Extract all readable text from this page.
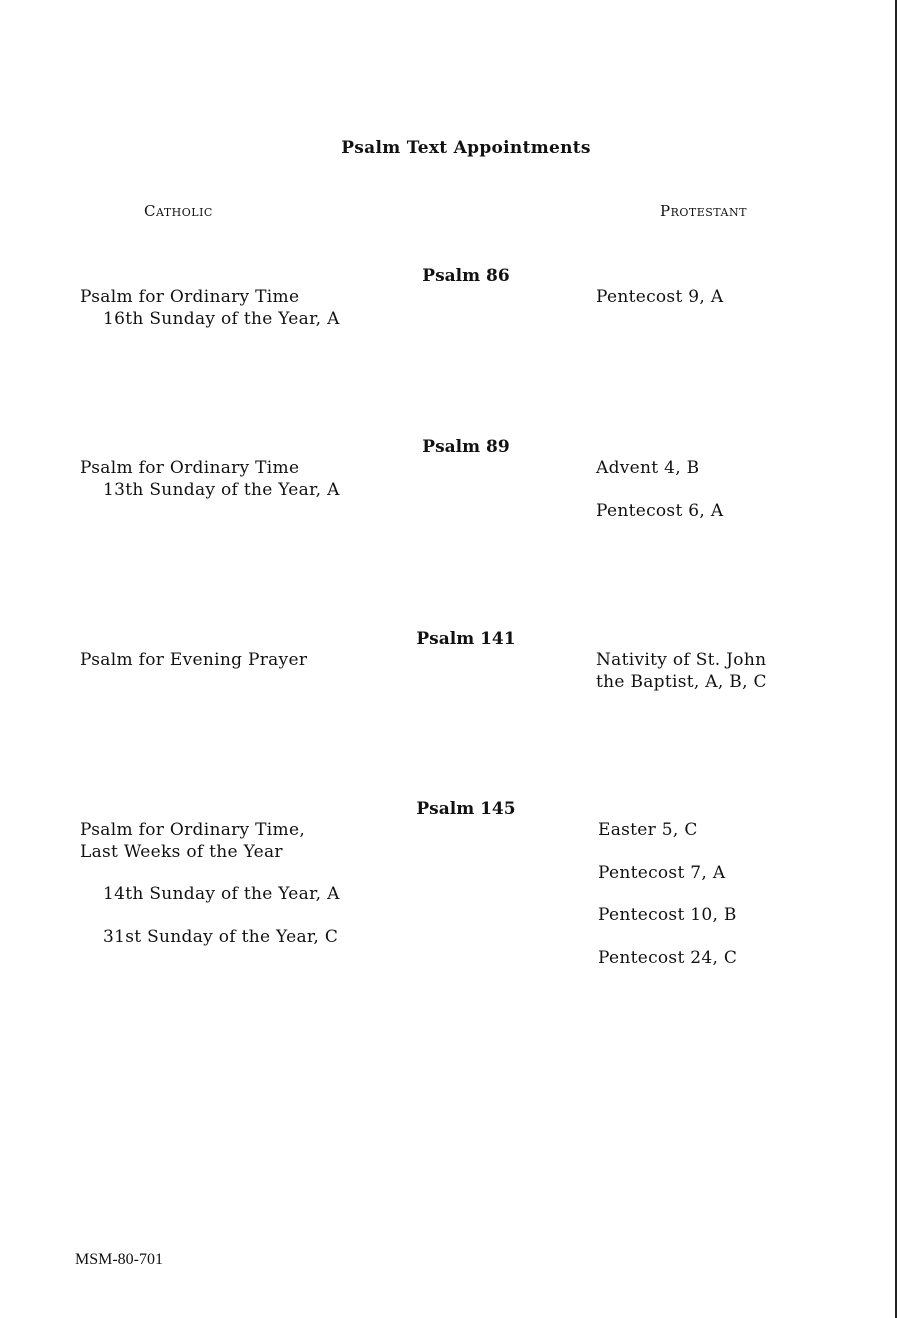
Psalm Text Appointments
Catholic	Protestant
Psalm 86
Psalm for Ordinary Time
16th Sunday of the Year, A
Pentecost 9, A
Psalm 89
Psalm for Ordinary Time
13th Sunday of the Year, A
Advent 4, B
Pentecost 6, A
Psalm 141
Psalm for Evening Prayer	Nativity of St. John
the Baptist, A, B, C
Psalm 145
Psalm for Ordinary Time,
Last Weeks of the Year
14th Sunday of the Year, A
31st Sunday of the Year, C
Easter 5, C
Pentecost 7, A
Pentecost 10, B
Pentecost 24, C
MSM-80-701
